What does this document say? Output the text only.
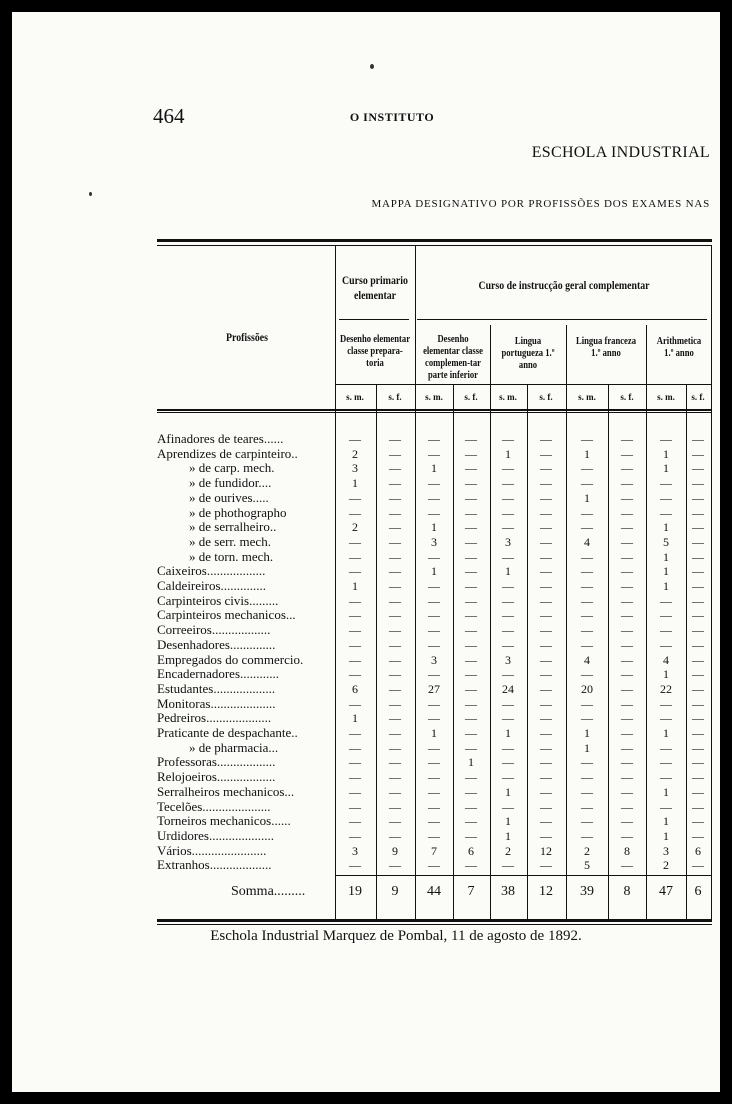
464	O INSTITUTO
ESCHOLA INDUSTRIAL
MAPPA DESIGNATIVO POR PROFISSÕES DOS EXAMES NAS
Profissões
Curso primario elementar
Curso de instrucção geral complementar
Desenho elementar classe prepara-toria
Desenho elementar classe complemen-tar parte inferior
Lingua portugueza 1.º anno
Lingua franceza 1.º anno
Arithmetica 1.º anno
s. m.	s. f.	s. m.	s. f.	s. m.	s. f.	s. m.	s. f.	s. m.	s. f.
Afinadores de teares......	—	—	—	—	—	—	—	—	—	—
Aprendizes de carpinteiro..	2	—	—	—	1	—	1	—	1	—
» de carp. mech.	3	—	1	—	—	—	—	—	1	—
» de fundidor....	1	—	—	—	—	—	—	—	—	—
» de ourives.....	—	—	—	—	—	—	1	—	—	—
» de phothographo	—	—	—	—	—	—	—	—	—	—
» de serralheiro..	2	—	1	—	—	—	—	—	1	—
» de serr. mech.	—	—	3	—	3	—	4	—	5	—
» de torn. mech.	—	—	—	—	—	—	—	—	1	—
Caixeiros..................	—	—	1	—	1	—	—	—	1	—
Caldeireiros..............	1	—	—	—	—	—	—	—	1	—
Carpinteiros civis.........	—	—	—	—	—	—	—	—	—	—
Carpinteiros mechanicos...	—	—	—	—	—	—	—	—	—	—
Correeiros..................	—	—	—	—	—	—	—	—	—	—
Desenhadores..............	—	—	—	—	—	—	—	—	—	—
Empregados do commercio.	—	—	3	—	3	—	4	—	4	—
Encadernadores............	—	—	—	—	—	—	—	—	1	—
Estudantes...................	6	—	27	—	24	—	20	—	22	—
Monitoras....................	—	—	—	—	—	—	—	—	—	—
Pedreiros....................	1	—	—	—	—	—	—	—	—	—
Praticante de despachante..	—	—	1	—	1	—	1	—	1	—
» de pharmacia...	—	—	—	—	—	—	1	—	—	—
Professoras..................	—	—	—	1	—	—	—	—	—	—
Relojoeiros..................	—	—	—	—	—	—	—	—	—	—
Serralheiros mechanicos...	—	—	—	—	1	—	—	—	1	—
Tecelões.....................	—	—	—	—	—	—	—	—	—	—
Torneiros mechanicos......	—	—	—	—	1	—	—	—	1	—
Urdidores....................	—	—	—	—	1	—	—	—	1	—
Vários.......................	3	9	7	6	2	12	2	8	3	6
Extranhos...................	—	—	—	—	—	—	5	—	2	—
Somma.........	19	9	44	7	38	12	39	8	47	6
Eschola Industrial Marquez de Pombal, 11 de agosto de 1892.
